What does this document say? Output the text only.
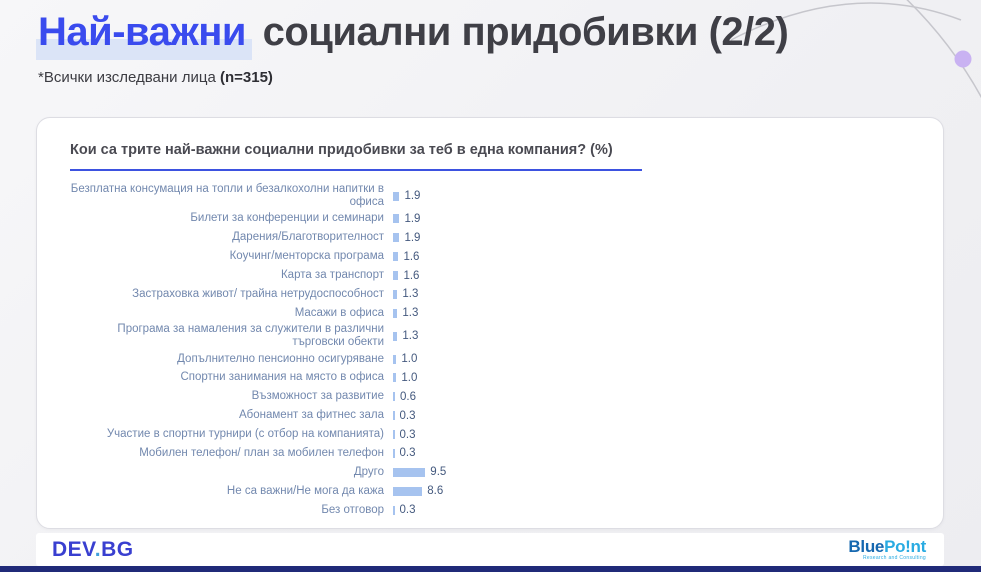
Най-важни социални придобивки (2/2)
*Всички изследвани лица (n=315)
Кои са трите най-важни социални придобивки за теб в една компания? (%)
Безплатна консумация на топли и безалкохолни напитки в офиса	1.9
Билети за конференции и семинари	1.9
Дарения/Благотворителност	1.9
Коучинг/менторска програма	1.6
Карта за транспорт	1.6
Застраховка живот/ трайна нетрудоспособност	1.3
Масажи в офиса	1.3
Програма за намаления за служители в различни търговски обекти	1.3
Допълнително пенсионно осигуряване	1.0
Спортни занимания на място в офиса	1.0
Възможност за развитие	0.6
Абонамент за фитнес зала	0.3
Участие в спортни турнири (с отбор на компанията)	0.3
Мобилен телефон/ план за мобилен телефон	0.3
Друго	9.5
Не са важни/Не мога да кажа	8.6
Без отговор	0.3
DEV.BG	BluePo!nt
Research and Consulting
